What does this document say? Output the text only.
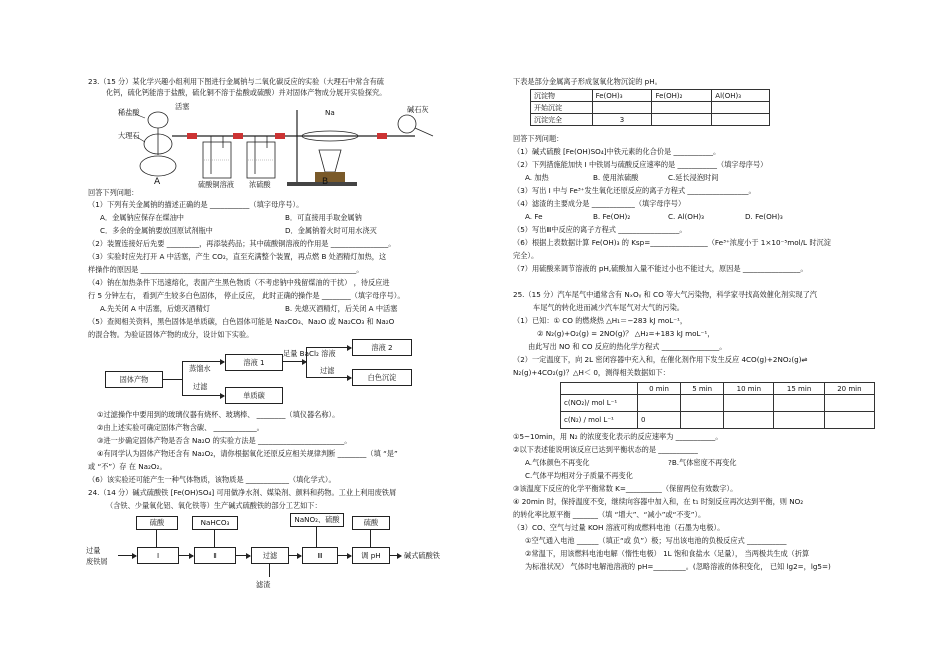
23.（15 分）某化学兴趣小组利用下图进行金属钠与二氧化碳反应的实验（大理石中常含有硫
化钙，硫化钙能溶于盐酸，硫化铜不溶于盐酸或硫酸）并对固体产物成分展开实验探究。
稀盐酸
活塞
大理石
A	硫酸铜溶液 浓硫酸
Na
B
碱石灰
回答下列问题：
（1）下列有关金属钠的描述正确的是 ___________（填字母序号）。
A．金属钠应保存在煤油中	B．可直接用手取金属钠
C．多余的金属钠要放回原试剂瓶中	D．金属钠着火时可用水浇灭
（2）装置连接好后先要 _________，再添装药品；其中硫酸铜溶液的作用是 ________________。
（3）实验时应先打开 A 中活塞，产生 CO₂，直至充满整个装置，再点燃 B 处酒精灯加热，这
样操作的原因是 ____________________________________________________________。
（4）钠在加热条件下迅速熔化，表面产生黑色物质（不考虑钠中残留煤油的干扰） ，待反应进
行 5 分钟左右， 看到产生较多白色固体， 停止反应， 此时正确的操作是 ________（填字母序号）。
A.先关闭 A 中活塞，后熄灭酒精灯	B. 先熄灭酒精灯，后关闭 A 中活塞
（5）查阅相关资料，黑色固体是单质碳，白色固体可能是 Na₂CO₃、Na₂O 或 Na₂CO₃ 和 Na₂O
的混合物。为验证固体产物的成分，设计如下实验。
固体产物
蒸馏水
过滤
溶液 1
单质碳
足量 BaCl₂ 溶液
过滤
溶液 2
白色沉淀
①过滤操作中要用到的玻璃仪器有烧杯、玻璃棒、 ________（填仪器名称）。
②由上述实验可确定固体产物含碳、 ____________。
③进一步确定固体产物是否含 Na₂O 的实验方法是 ________________________。
④有同学认为固体产物还含有 Na₂O₂，请你根据氧化还原反应相关规律判断 ________（填 “是”
或 “不”）存 在 Na₂O₂。
（6）该实验还可能产生一种气体物质，该物质是 ____________（填化学式）。
24.（14 分）碱式硫酸铁 [Fe(OH)SO₄] 可用做净水剂、媒染剂、颜料和药物。工业上利用废铁屑
（含铁、少量氧化铝、氧化铁等）生产碱式硫酸铁的部分工艺如下：
硫酸	NaHCO₃	NaNO₂、硫酸	硫酸
过量
废铁屑
Ⅰ	Ⅱ	过滤	Ⅲ	调 pH	碱式硫酸铁
滤渣
下表是部分金属离子形成氢氧化物沉淀的 pH。
沉淀物	Fe(OH)₃	Fe(OH)₂	Al(OH)₃
开始沉淀			
沉淀完全	3		
回答下列问题：
（1）碱式硫酸 [Fe(OH)SO₄]中铁元素的化合价是 ___________。
（2）下列措施能加快 Ⅰ 中铁屑与硫酸反应速率的是 ___________（填字母序号）
A. 加热	B. 使用浓硫酸	C.延长浸泡时间
（3）写出 Ⅰ 中与 Fe³⁺发生氧化还原反应的离子方程式 _________________。
（4）滤渣的主要成分是 ____________（填字母序号）
A. Fe	B. Fe(OH)₂	C. Al(OH)₃	D. Fe(OH)₃
（5）写出Ⅲ中反应的离子方程式 _________________。
（6）根据上表数据计算 Fe(OH)₃ 的 Ksp=________________（Fe³⁺浓度小于 1×10⁻⁵mol/L 时沉淀
完全）。
（7）用硫酸来调节溶液的 pH,硫酸加入量不能过小也不能过大，原因是 ________________。
25.（15 分）汽车尾气中通常含有 NₓOᵧ 和 CO 等大气污染物，科学家寻找高效催化剂实现了汽
车尾气的转化进而减少汽车尾气对大气的污染。
（1）已知：① CO 的燃烧热 △H₁＝−283 kJ moL⁻¹，
② N₂(g)+O₂(g) = 2NO(g)？ △H₂=+183 kJ moL⁻¹，
由此写出 NO 和 CO 反应的热化学方程式 ________________。
（2）一定温度下，向 2L 密闭容器中充入和，在催化剂作用下发生反应 4CO(g)+2NO₂(g)⇌
N₂(g)+4CO₂(g)？△H＜ 0，测得相关数据如下：
	0 min	5 min	10 min	15 min	20 min
c(NO₂)/ mol L⁻¹					
c(N₂) / mol L⁻¹	0				
①5~10min，用 N₂ 的浓度变化表示的反应速率为 ___________。
②以下表述能说明该反应已达到平衡状态的是 ___________
A.气体颜色不再变化	?B.气体密度不再变化
C.气体平均相对分子质量不再变化
③该温度下反应的化学平衡常数 K=__________（保留两位有效数字）。
④ 20min 时，保持温度不变，继续向容器中加入和，在 t₁ 时刻反应再次达到平衡，则 NO₂
的转化率比原平衡 _______（填 “增大”、“减小”或“不变”）。
（3）CO、空气与过量 KOH 溶液可构成燃料电池（石墨为电极）。
①空气通入电池 ______（填正“或 负”）极；写出该电池的负极反应式 ___________
②常温下，用该燃料电池电解（惰性电极） 1L 饱和食盐水（足量）， 当两极共生成（折算
为标准状况） 气体时电解池溶液的 pH=_________。(忽略溶液的体积变化， 已知 lg2=，lg5=)
